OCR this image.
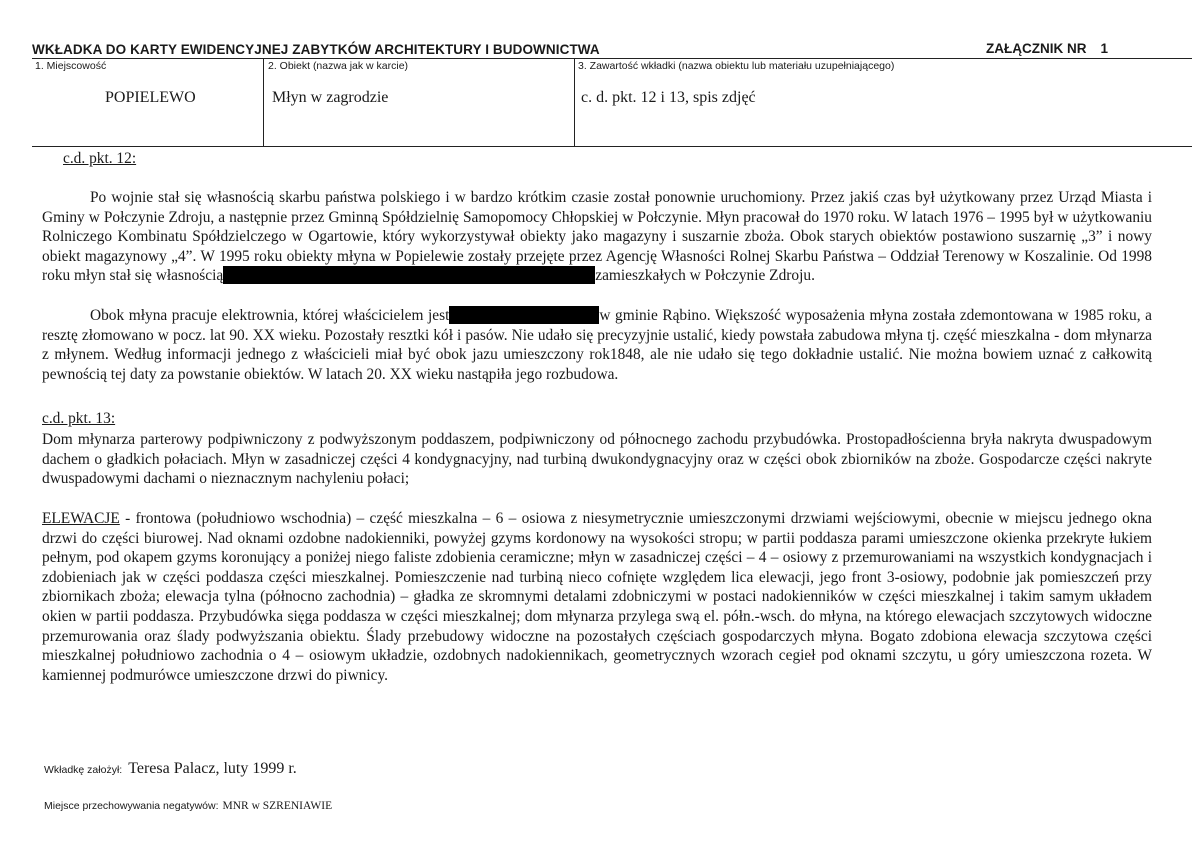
WKŁADKA DO KARTY EWIDENCYJNEJ ZABYTKÓW ARCHITEKTURY I BUDOWNICTWA	ZAŁĄCZNIK NR 1
1. Miejscowość	2. Obiekt (nazwa jak w karcie)	3. Zawartość wkładki (nazwa obiektu lub materiału uzupełniającego)
POPIELEWO	Młyn w zagrodzie	c. d. pkt. 12 i 13, spis zdjęć
c.d. pkt. 12:
Po wojnie stał się własnością skarbu państwa polskiego i w bardzo krótkim czasie został ponownie uruchomiony. Przez jakiś czas był użytkowany przez Urząd Miasta i Gminy w Połczynie Zdroju, a następnie przez Gminną Spółdzielnię Samopomocy Chłopskiej w Połczynie. Młyn pracował do 1970 roku. W latach 1976 – 1995 był w użytkowaniu Rolniczego Kombinatu Spółdzielczego w Ogartowie, który wykorzystywał obiekty jako magazyny i suszarnie zboża. Obok starych obiektów postawiono suszarnię „3” i nowy obiekt magazynowy „4”. W 1995 roku obiekty młyna w Popielewie zostały przejęte przez Agencję Własności Rolnej Skarbu Państwa – Oddział Terenowy w Koszalinie. Od 1998 roku młyn stał się własnością	zamieszkałych w Połczynie Zdroju.
Obok młyna pracuje elektrownia, której właścicielem jest	w gminie Rąbino. Większość wyposażenia młyna została zdemontowana w 1985 roku, a resztę złomowano w pocz. lat 90. XX wieku. Pozostały resztki kół i pasów. Nie udało się precyzyjnie ustalić, kiedy powstała zabudowa młyna tj. część mieszkalna - dom młynarza z młynem. Według informacji jednego z właścicieli miał być obok jazu umieszczony rok1848, ale nie udało się tego dokładnie ustalić. Nie można bowiem uznać z całkowitą pewnością tej daty za powstanie obiektów. W latach 20. XX wieku nastąpiła jego rozbudowa.
c.d. pkt. 13:
Dom młynarza parterowy podpiwniczony z podwyższonym poddaszem, podpiwniczony od północnego zachodu przybudówka. Prostopadłościenna bryła nakryta dwuspadowym dachem o gładkich połaciach. Młyn w zasadniczej części 4 kondygnacyjny, nad turbiną dwukondygnacyjny oraz w części obok zbiorników na zboże. Gospodarcze części nakryte dwuspadowymi dachami o nieznacznym nachyleniu połaci;
ELEWACJE - frontowa (południowo wschodnia) – część mieszkalna – 6 – osiowa z niesymetrycznie umieszczonymi drzwiami wejściowymi, obecnie w miejscu jednego okna drzwi do części biurowej. Nad oknami ozdobne nadokienniki, powyżej gzyms kordonowy na wysokości stropu; w partii poddasza parami umieszczone okienka przekryte łukiem pełnym, pod okapem gzyms koronujący a poniżej niego faliste zdobienia ceramiczne; młyn w zasadniczej części – 4 – osiowy z przemurowaniami na wszystkich kondygnacjach i zdobieniach jak w części poddasza części mieszkalnej. Pomieszczenie nad turbiną nieco cofnięte względem lica elewacji, jego front 3-osiowy, podobnie jak pomieszczeń przy zbiornikach zboża; elewacja tylna (północno zachodnia) – gładka ze skromnymi detalami zdobniczymi w postaci nadokienników w części mieszkalnej i takim samym układem okien w partii poddasza. Przybudówka sięga poddasza w części mieszkalnej; dom młynarza przylega swą el. półn.-wsch. do młyna, na którego elewacjach szczytowych widoczne przemurowania oraz ślady podwyższania obiektu. Ślady przebudowy widoczne na pozostałych częściach gospodarczych młyna. Bogato zdobiona elewacja szczytowa części mieszkalnej południowo zachodnia o 4 – osiowym układzie, ozdobnych nadokiennikach, geometrycznych wzorach cegieł pod oknami szczytu, u góry umieszczona rozeta. W kamiennej podmurówce umieszczone drzwi do piwnicy.
Wkładkę założył: Teresa Palacz, luty 1999 r.
Miejsce przechowywania negatywów: MNR w SZRENIAWIE
